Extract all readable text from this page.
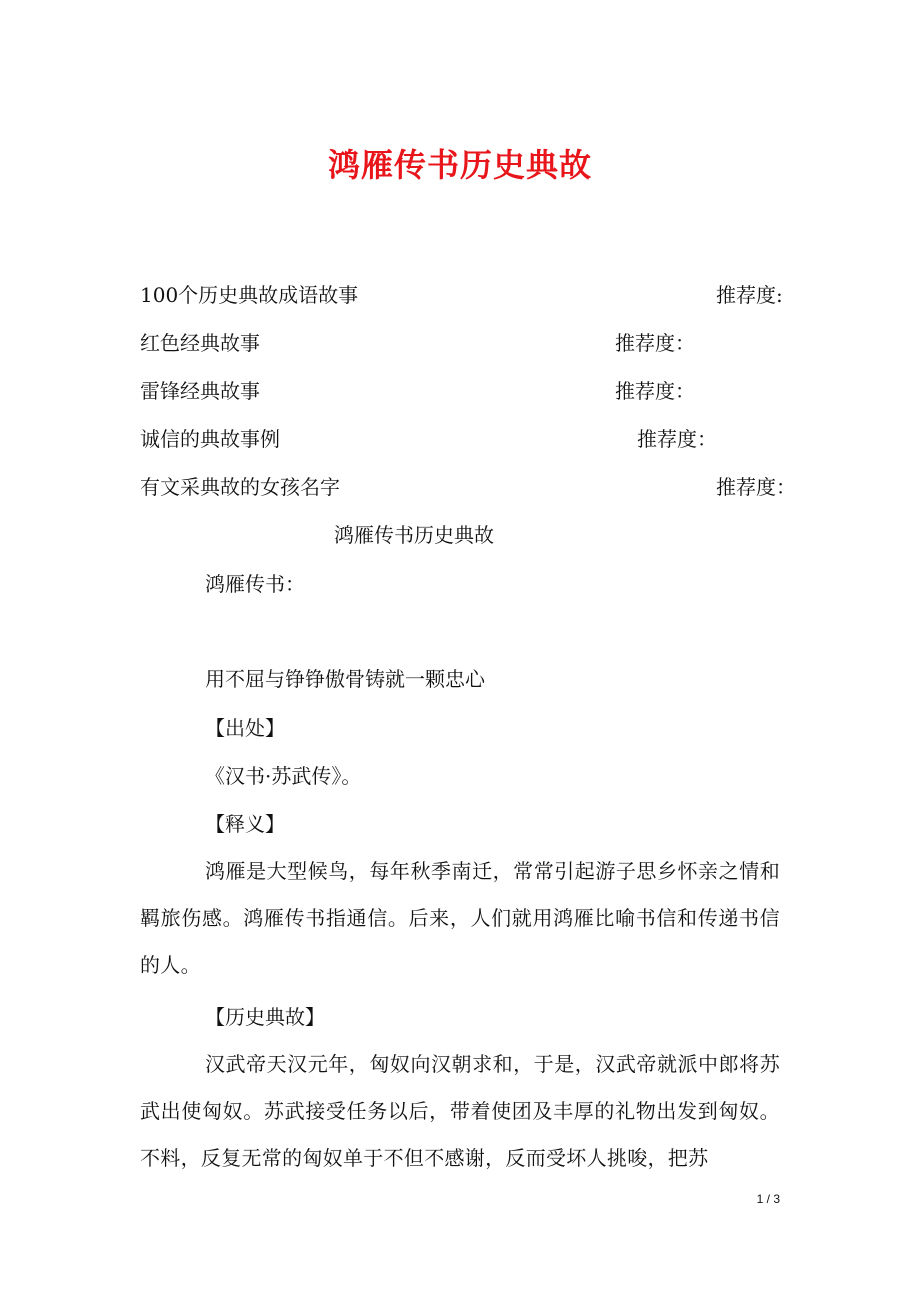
鸿雁传书历史典故
100个历史典故成语故事	推荐度:
红色经典故事	推荐度：
雷锋经典故事	推荐度：
诚信的典故事例	推荐度：
有文采典故的女孩名字	推荐度：
鸿雁传书历史典故
鸿雁传书：
用不屈与铮铮傲骨铸就一颗忠心
【出处】
《汉书·苏武传》。
【释义】
鸿雁是大型候鸟，每年秋季南迁，常常引起游子思乡怀亲之情和羁旅伤感。鸿雁传书指通信。后来，人们就用鸿雁比喻书信和传递书信的人。
【历史典故】
汉武帝天汉元年，匈奴向汉朝求和，于是，汉武帝就派中郎将苏武出使匈奴。苏武接受任务以后，带着使团及丰厚的礼物出发到匈奴。不料，反复无常的匈奴单于不但不感谢，反而受坏人挑唆，把苏
1 / 3
